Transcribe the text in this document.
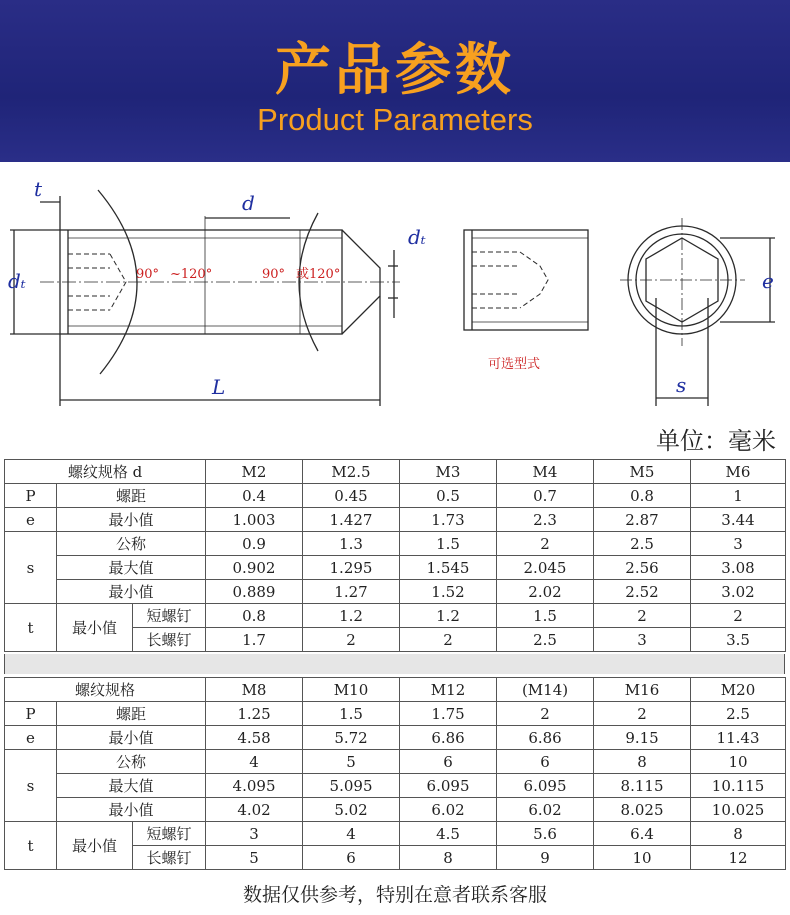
产品参数
Product Parameters
t
d
dₜ
dₜ
L
e
s
90° ~120°	90° 或120°
可选型式
单位：毫米
螺纹规格 d			M2	M2.5	M3	M4	M5	M6
P	螺距		0.4	0.45	0.5	0.7	0.8	1
e	最小值		1.003	1.427	1.73	2.3	2.87	3.44
s	公称		0.9	1.3	1.5	2	2.5	3
	最大值		0.902	1.295	1.545	2.045	2.56	3.08
	最小值		0.889	1.27	1.52	2.02	2.52	3.02
t	最小值	短螺钉	0.8	1.2	1.2	1.5	2	2
		长螺钉	1.7	2	2	2.5	3	3.5
螺纹规格			M8	M10	M12	(M14)	M16	M20
P	螺距		1.25	1.5	1.75	2	2	2.5
e	最小值		4.58	5.72	6.86	6.86	9.15	11.43
s	公称		4	5	6	6	8	10
	最大值		4.095	5.095	6.095	6.095	8.115	10.115
	最小值		4.02	5.02	6.02	6.02	8.025	10.025
t	最小值	短螺钉	3	4	4.5	5.6	6.4	8
		长螺钉	5	6	8	9	10	12
数据仅供参考，特别在意者联系客服
